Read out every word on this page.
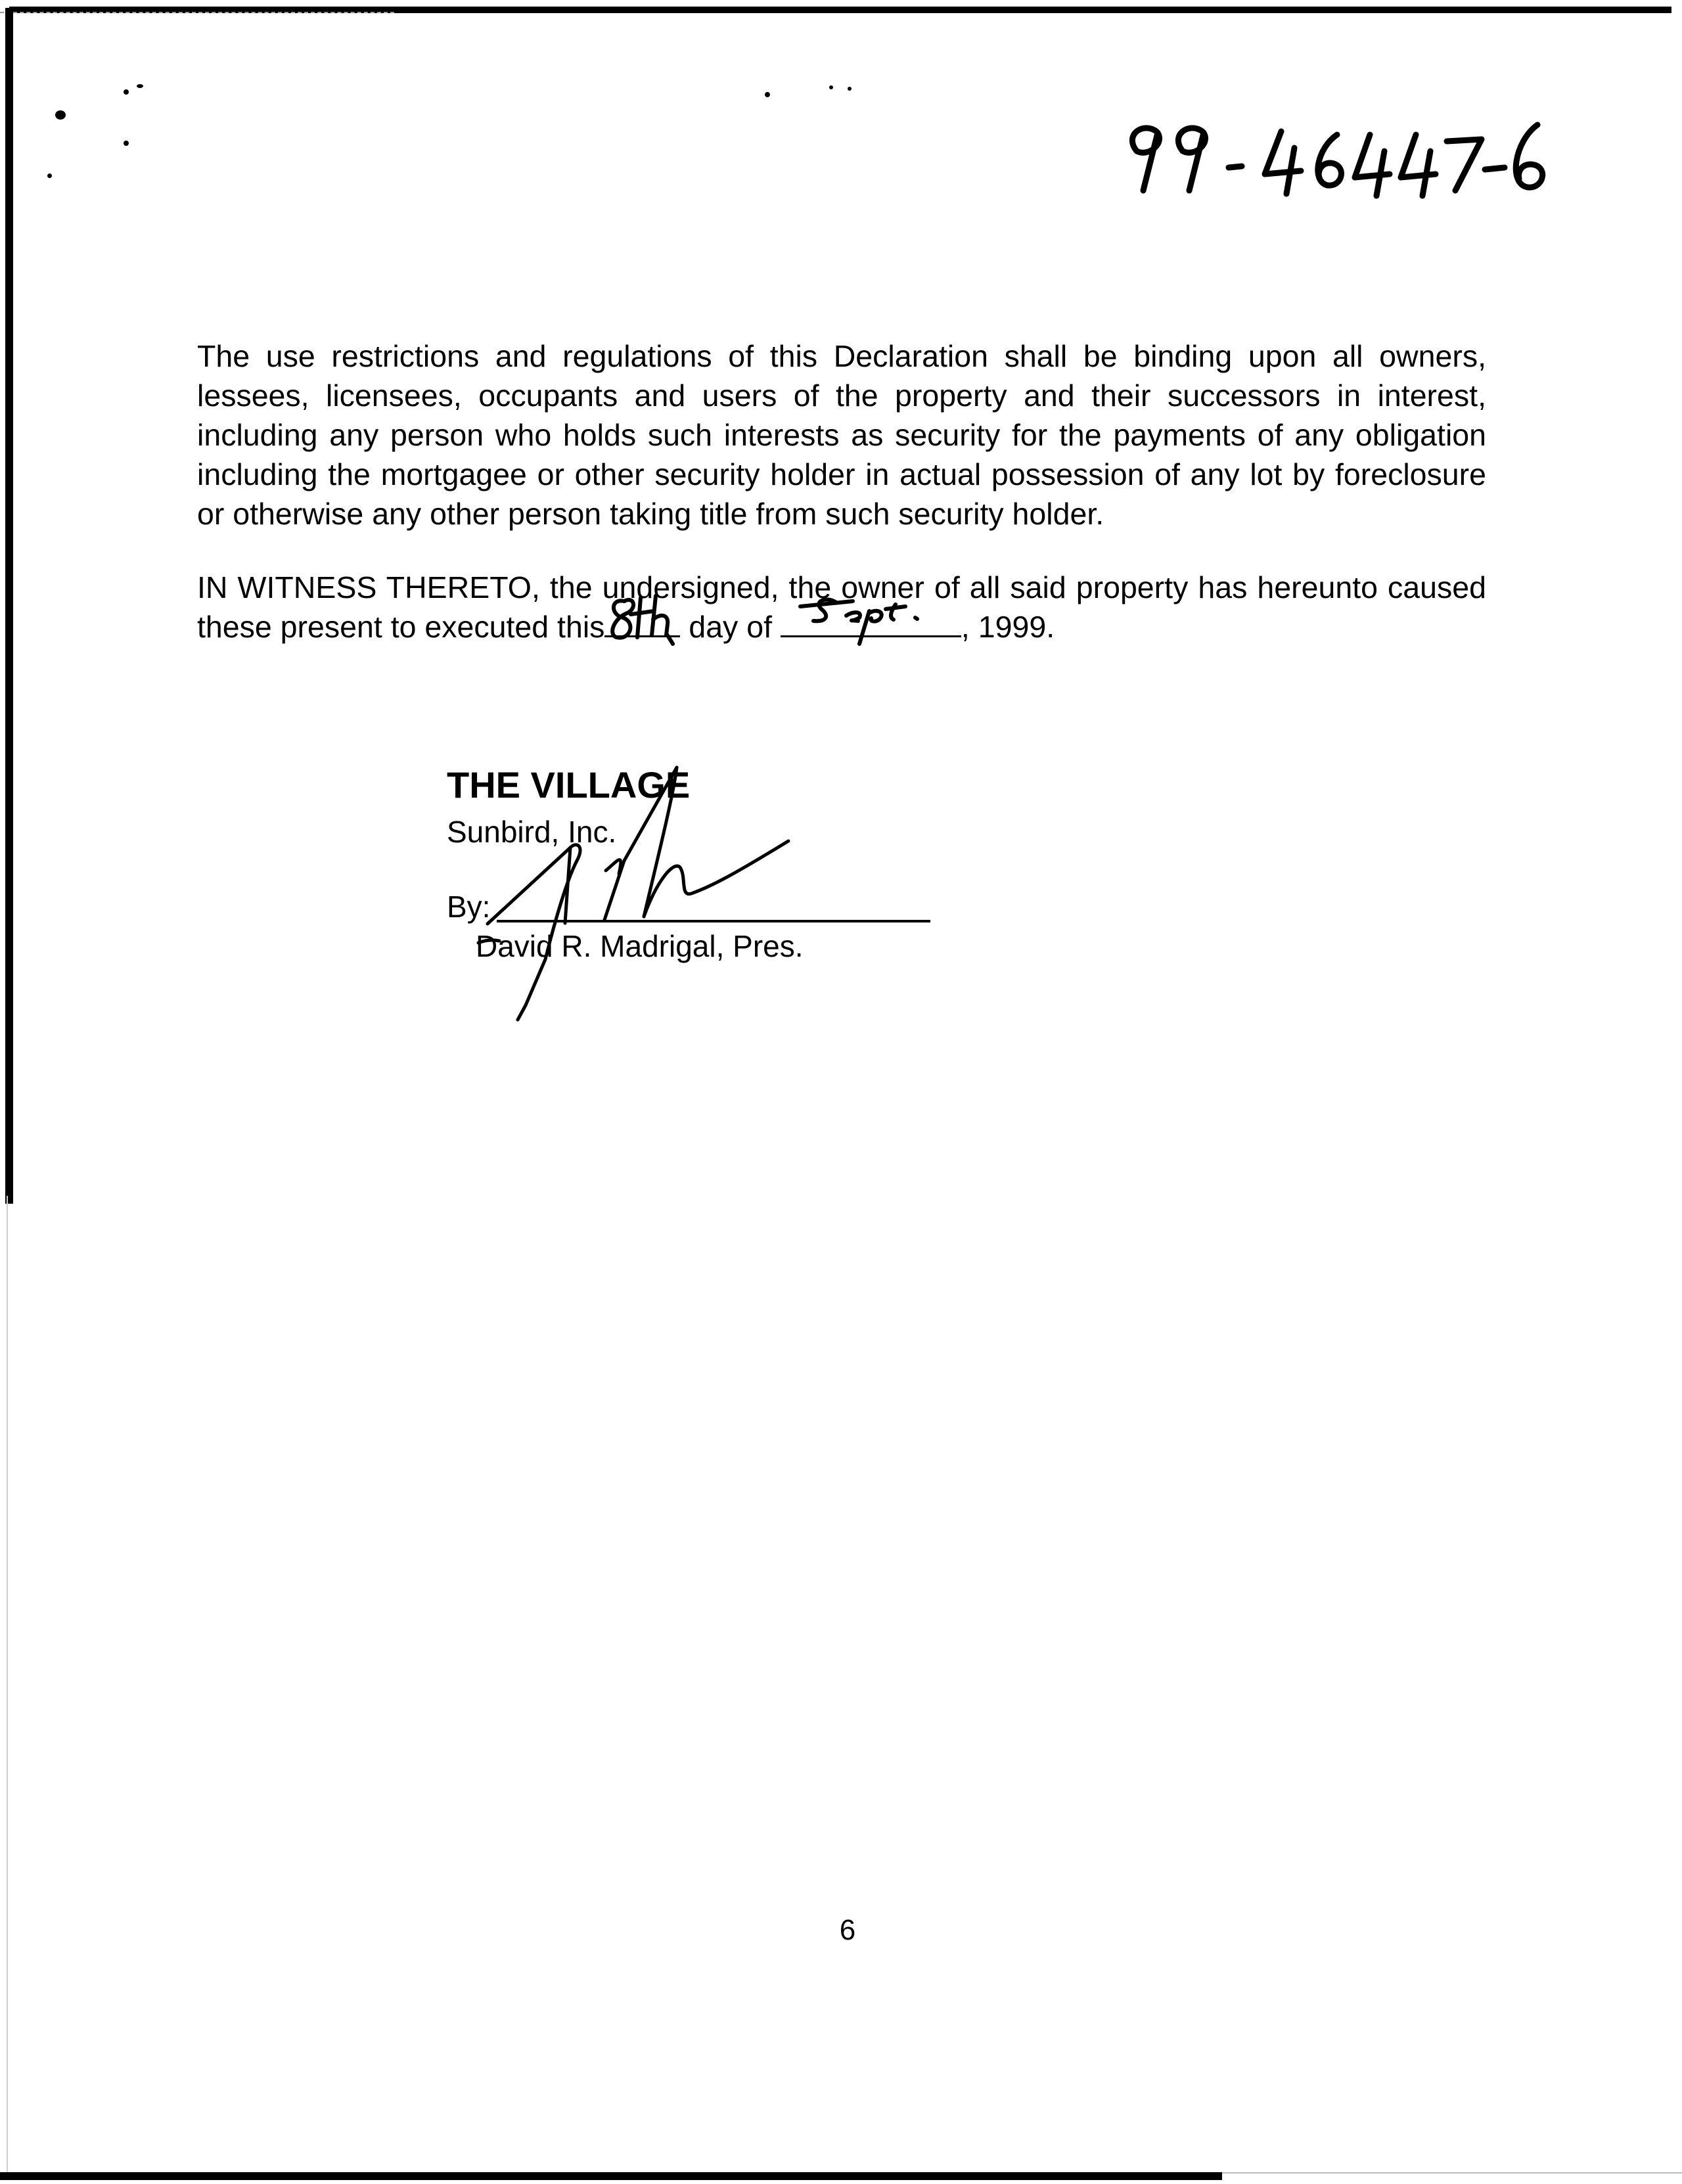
The use restrictions and regulations of this Declaration shall be binding upon all owners, lessees, licensees, occupants and users of the property and their successors in interest, including any person who holds such interests as security for the payments of any obligation including the mortgagee or other security holder in actual possession of any lot by foreclosure or otherwise any other person taking title from such security holder.

IN WITNESS THERETO, the undersigned, the owner of all said property has hereunto caused these present to executed this	day of	, 1999.

THE VILLAGE
Sunbird, Inc.
By:
David R. Madrigal, Pres.
6
